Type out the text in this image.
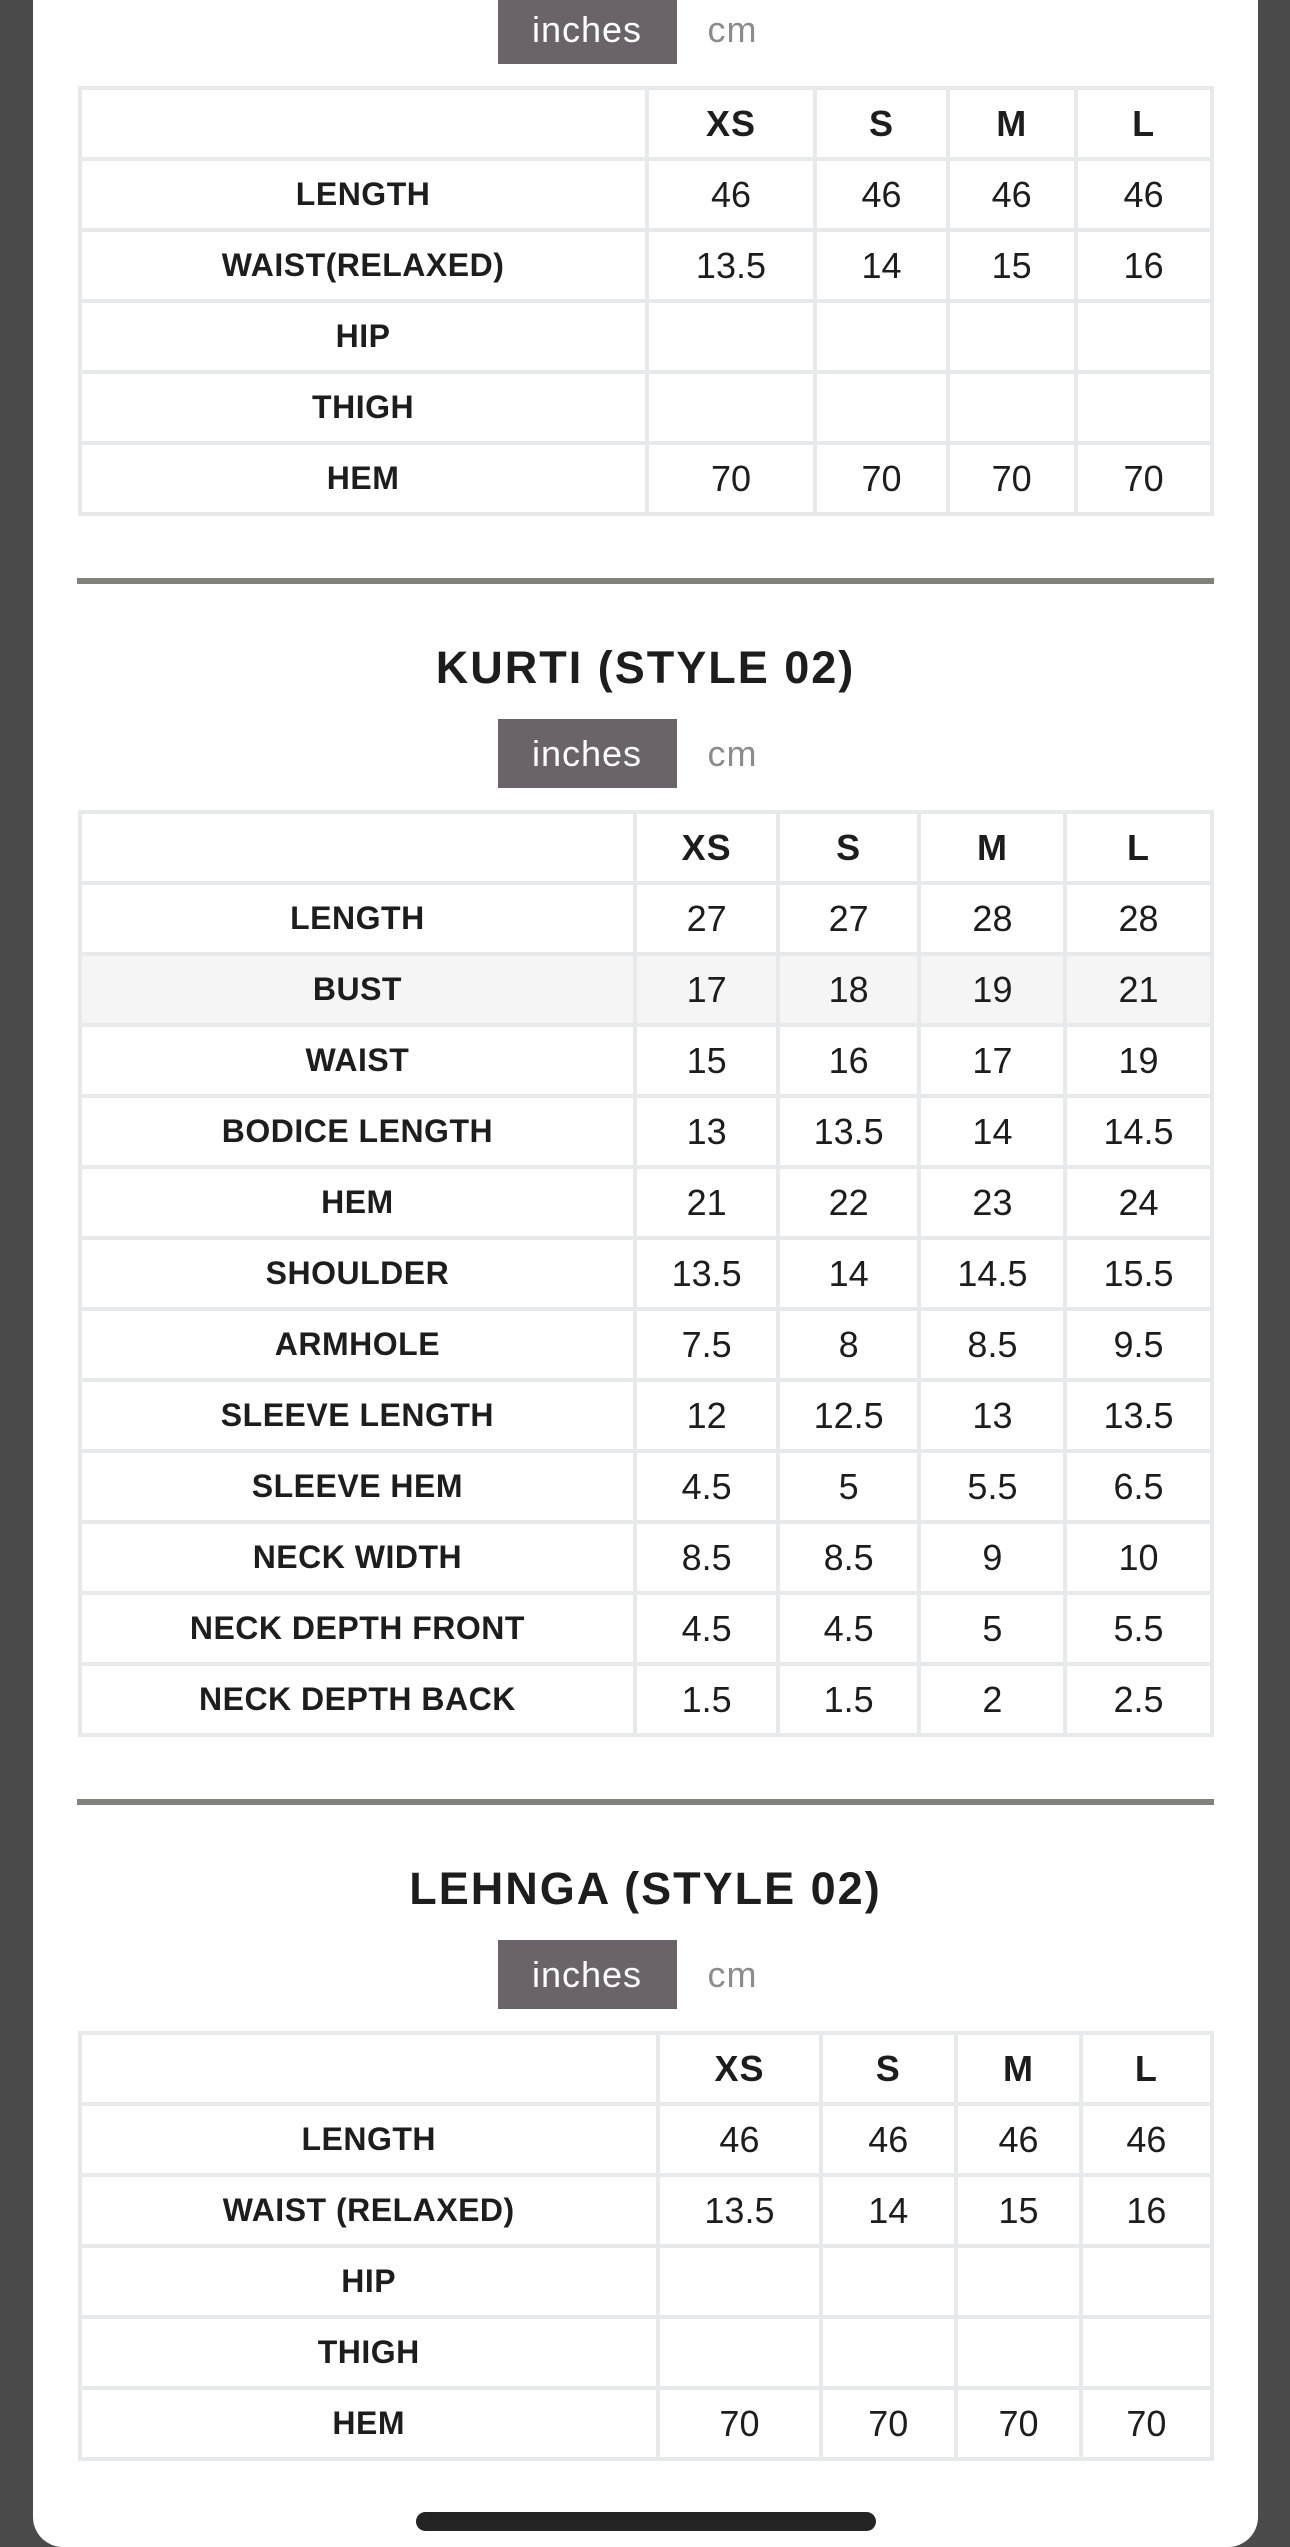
inches	cm
	XS	S	M	L
LENGTH	46	46	46	46
WAIST(RELAXED)	13.5	14	15	16
HIP				
THIGH				
HEM	70	70	70	70
KURTI (STYLE 02)
inches	cm
	XS	S	M	L
LENGTH	27	27	28	28
BUST	17	18	19	21
WAIST	15	16	17	19
BODICE LENGTH	13	13.5	14	14.5
HEM	21	22	23	24
SHOULDER	13.5	14	14.5	15.5
ARMHOLE	7.5	8	8.5	9.5
SLEEVE LENGTH	12	12.5	13	13.5
SLEEVE HEM	4.5	5	5.5	6.5
NECK WIDTH	8.5	8.5	9	10
NECK DEPTH FRONT	4.5	4.5	5	5.5
NECK DEPTH BACK	1.5	1.5	2	2.5
LEHNGA (STYLE 02)
inches	cm
	XS	S	M	L
LENGTH	46	46	46	46
WAIST (RELAXED)	13.5	14	15	16
HIP				
THIGH				
HEM	70	70	70	70
